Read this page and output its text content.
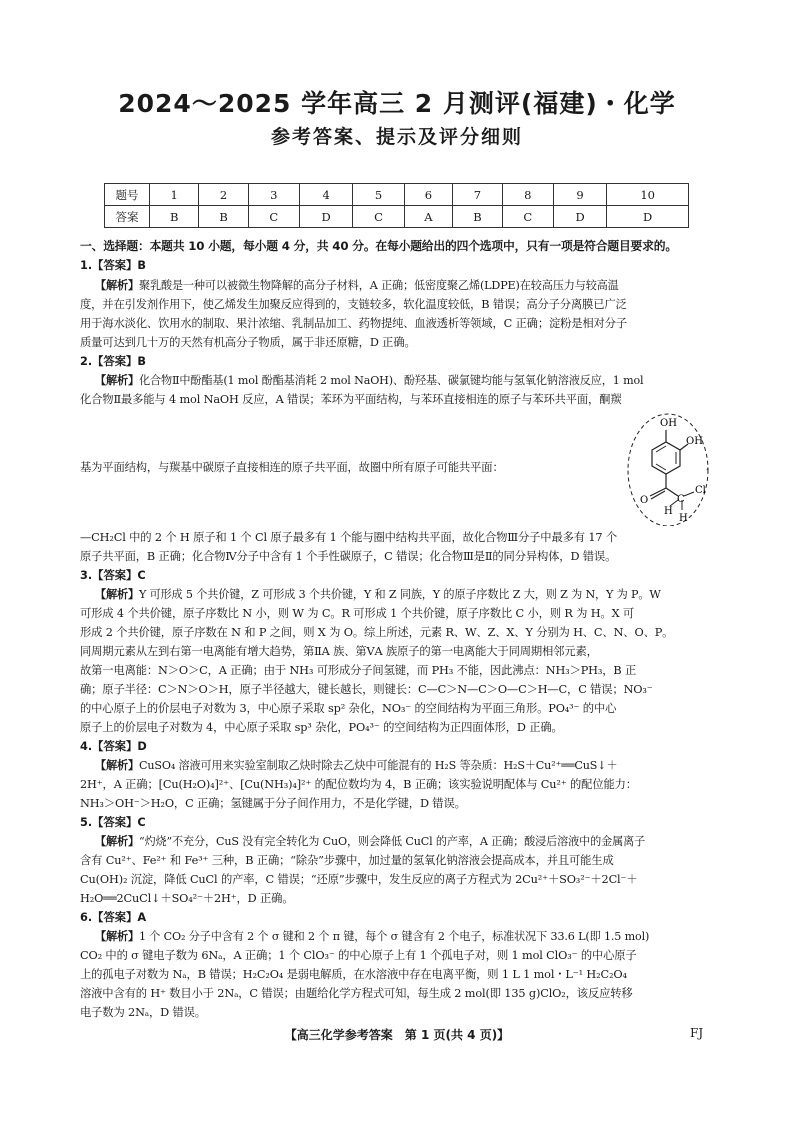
2024～2025 学年高三 2 月测评(福建)・化学
参考答案、提示及评分细则
题号	1	2	3	4	5	6	7	8	9	10
答案	B	B	C	D	C	A	B	C	D	D
一、选择题：本题共 10 小题，每小题 4 分，共 40 分。在每小题给出的四个选项中，只有一项是符合题目要求的。
1.【答案】B
【解析】聚乳酸是一种可以被微生物降解的高分子材料，A 正确；低密度聚乙烯(LDPE)在较高压力与较高温
度，并在引发剂作用下，使乙烯发生加聚反应得到的，支链较多，软化温度较低，B 错误；高分子分离膜已广泛
用于海水淡化、饮用水的制取、果汁浓缩、乳制品加工、药物提纯、血液透析等领域，C 正确；淀粉是相对分子
质量可达到几十万的天然有机高分子物质，属于非还原糖，D 正确。
2.【答案】B
【解析】化合物Ⅱ中酚酯基(1 mol 酚酯基消耗 2 mol NaOH)、酚羟基、碳氯键均能与氢氧化钠溶液反应，1 mol
化合物Ⅱ最多能与 4 mol NaOH 反应，A 错误；苯环为平面结构，与苯环直接相连的原子与苯环共平面，酮羰
基为平面结构，与羰基中碳原子直接相连的原子共平面，故圈中所有原子可能共平面：
OH
OH
O	C
Cl
H
H
,
—CH₂Cl 中的 2 个 H 原子和 1 个 Cl 原子最多有 1 个能与圈中结构共平面，故化合物Ⅲ分子中最多有 17 个
原子共平面，B 正确；化合物Ⅳ分子中含有 1 个手性碳原子，C 错误；化合物Ⅲ是Ⅱ的同分异构体，D 错误。
3.【答案】C
【解析】Y 可形成 5 个共价键，Z 可形成 3 个共价键，Y 和 Z 同族，Y 的原子序数比 Z 大，则 Z 为 N，Y 为 P。W
可形成 4 个共价键，原子序数比 N 小，则 W 为 C。R 可形成 1 个共价键，原子序数比 C 小，则 R 为 H。X 可
形成 2 个共价键，原子序数在 N 和 P 之间，则 X 为 O。综上所述，元素 R、W、Z、X、Y 分别为 H、C、N、O、P。
同周期元素从左到右第一电离能有增大趋势，第ⅡA 族、第ⅤA 族原子的第一电离能大于同周期相邻元素，
故第一电离能：N＞O＞C，A 正确；由于 NH₃ 可形成分子间氢键，而 PH₃ 不能，因此沸点：NH₃＞PH₃，B 正
确；原子半径：C＞N＞O＞H，原子半径越大，键长越长，则键长：C—C＞N—C＞O—C＞H—C，C 错误；NO₃⁻
的中心原子上的价层电子对数为 3，中心原子采取 sp² 杂化，NO₃⁻ 的空间结构为平面三角形。PO₄³⁻ 的中心
原子上的价层电子对数为 4，中心原子采取 sp³ 杂化，PO₄³⁻ 的空间结构为正四面体形，D 正确。
4.【答案】D
【解析】CuSO₄ 溶液可用来实验室制取乙炔时除去乙炔中可能混有的 H₂S 等杂质：H₂S＋Cu²⁺══CuS↓＋
2H⁺，A 正确；[Cu(H₂O)₄]²⁺、[Cu(NH₃)₄]²⁺ 的配位数均为 4，B 正确；该实验说明配体与 Cu²⁺ 的配位能力：
NH₃＞OH⁻＞H₂O，C 正确；氢键属于分子间作用力，不是化学键，D 错误。
5.【答案】C
【解析】“灼烧”不充分，CuS 没有完全转化为 CuO，则会降低 CuCl 的产率，A 正确；酸浸后溶液中的金属离子
含有 Cu²⁺、Fe²⁺ 和 Fe³⁺ 三种，B 正确；“除杂”步骤中，加过量的氢氧化钠溶液会提高成本，并且可能生成
Cu(OH)₂ 沉淀，降低 CuCl 的产率，C 错误；“还原”步骤中，发生反应的离子方程式为 2Cu²⁺＋SO₃²⁻＋2Cl⁻＋
H₂O══2CuCl↓＋SO₄²⁻＋2H⁺，D 正确。
6.【答案】A
【解析】1 个 CO₂ 分子中含有 2 个 σ 键和 2 个 π 键，每个 σ 键含有 2 个电子，标准状况下 33.6 L(即 1.5 mol)
CO₂ 中的 σ 键电子数为 6Nₐ，A 正确；1 个 ClO₃⁻ 的中心原子上有 1 个孤电子对，则 1 mol ClO₃⁻ 的中心原子
上的孤电子对数为 Nₐ，B 错误；H₂C₂O₄ 是弱电解质，在水溶液中存在电离平衡，则 1 L 1 mol・L⁻¹ H₂C₂O₄
溶液中含有的 H⁺ 数目小于 2Nₐ，C 错误；由题给化学方程式可知，每生成 2 mol(即 135 g)ClO₂，该反应转移
电子数为 2Nₐ，D 错误。
【高三化学参考答案　第 1 页(共 4 页)】	FJ
